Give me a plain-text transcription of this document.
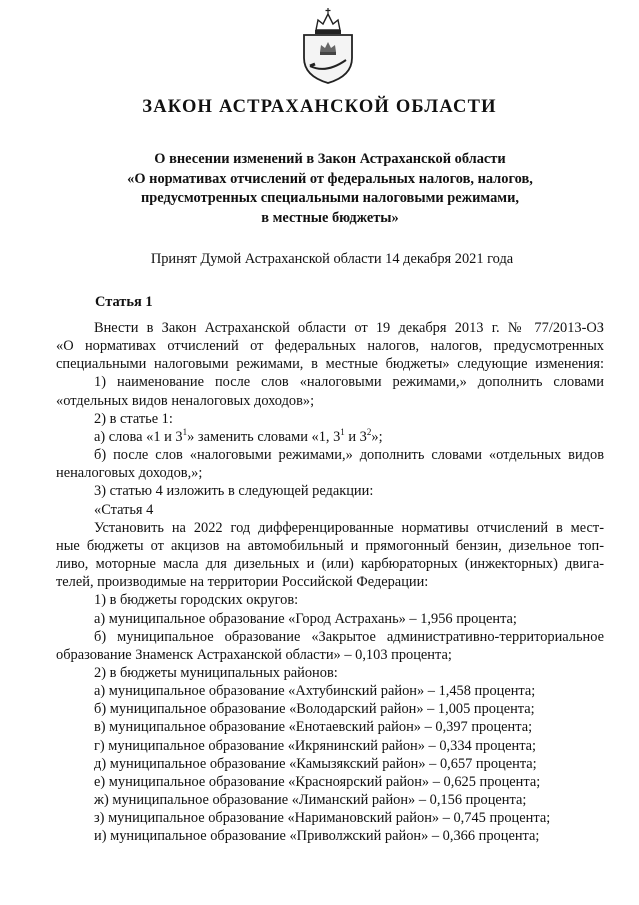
ЗАКОН АСТРАХАНСКОЙ ОБЛАСТИ
О внесении изменений в Закон Астраханской области
«О нормативах отчислений от федеральных налогов, налогов,
предусмотренных специальными налоговыми режимами,
в местные бюджеты»
Принят Думой Астраханской области 14 декабря 2021 года
Статья 1

Внести в Закон Астраханской области от 19 декабря 2013 г. № 77/2013-ОЗ

«О нормативах отчислений от федеральных налогов, налогов, предусмотренных

специальными налоговыми режимами, в местные бюджеты» следующие изменения:

1) наименование после слов «налоговыми режимами,» дополнить словами

«отдельных видов неналоговых доходов»;

2) в статье 1:

а) слова «1 и $3^1$» заменить словами «1, $3^1$ и $3^2$»;

б) после слов «налоговыми режимами,» дополнить словами «отдельных видов

неналоговых доходов,»;

3) статью 4 изложить в следующей редакции:

«Статья 4

Установить на 2022 год дифференцированные нормативы отчислений в мест-

ные бюджеты от акцизов на автомобильный и прямогонный бензин, дизельное топ-

ливо, моторные масла для дизельных и (или) карбюраторных (инжекторных) двига-

телей, производимые на территории Российской Федерации:

1) в бюджеты городских округов:

а) муниципальное образование «Город Астрахань» – 1,956 процента;

б) муниципальное образование «Закрытое административно-территориальное

образование Знаменск Астраханской области» – 0,103 процента;

2) в бюджеты муниципальных районов:

а) муниципальное образование «Ахтубинский район» – 1,458 процента;

б) муниципальное образование «Володарский район» – 1,005 процента;

в) муниципальное образование «Енотаевский район» – 0,397 процента;

г) муниципальное образование «Икрянинский район» – 0,334 процента;

д) муниципальное образование «Камызякский район» – 0,657 процента;

е) муниципальное образование «Красноярский район» – 0,625 процента;

ж) муниципальное образование «Лиманский район» – 0,156 процента;

з) муниципальное образование «Наримановский район» – 0,745 процента;

и) муниципальное образование «Приволжский район» – 0,366 процента;
